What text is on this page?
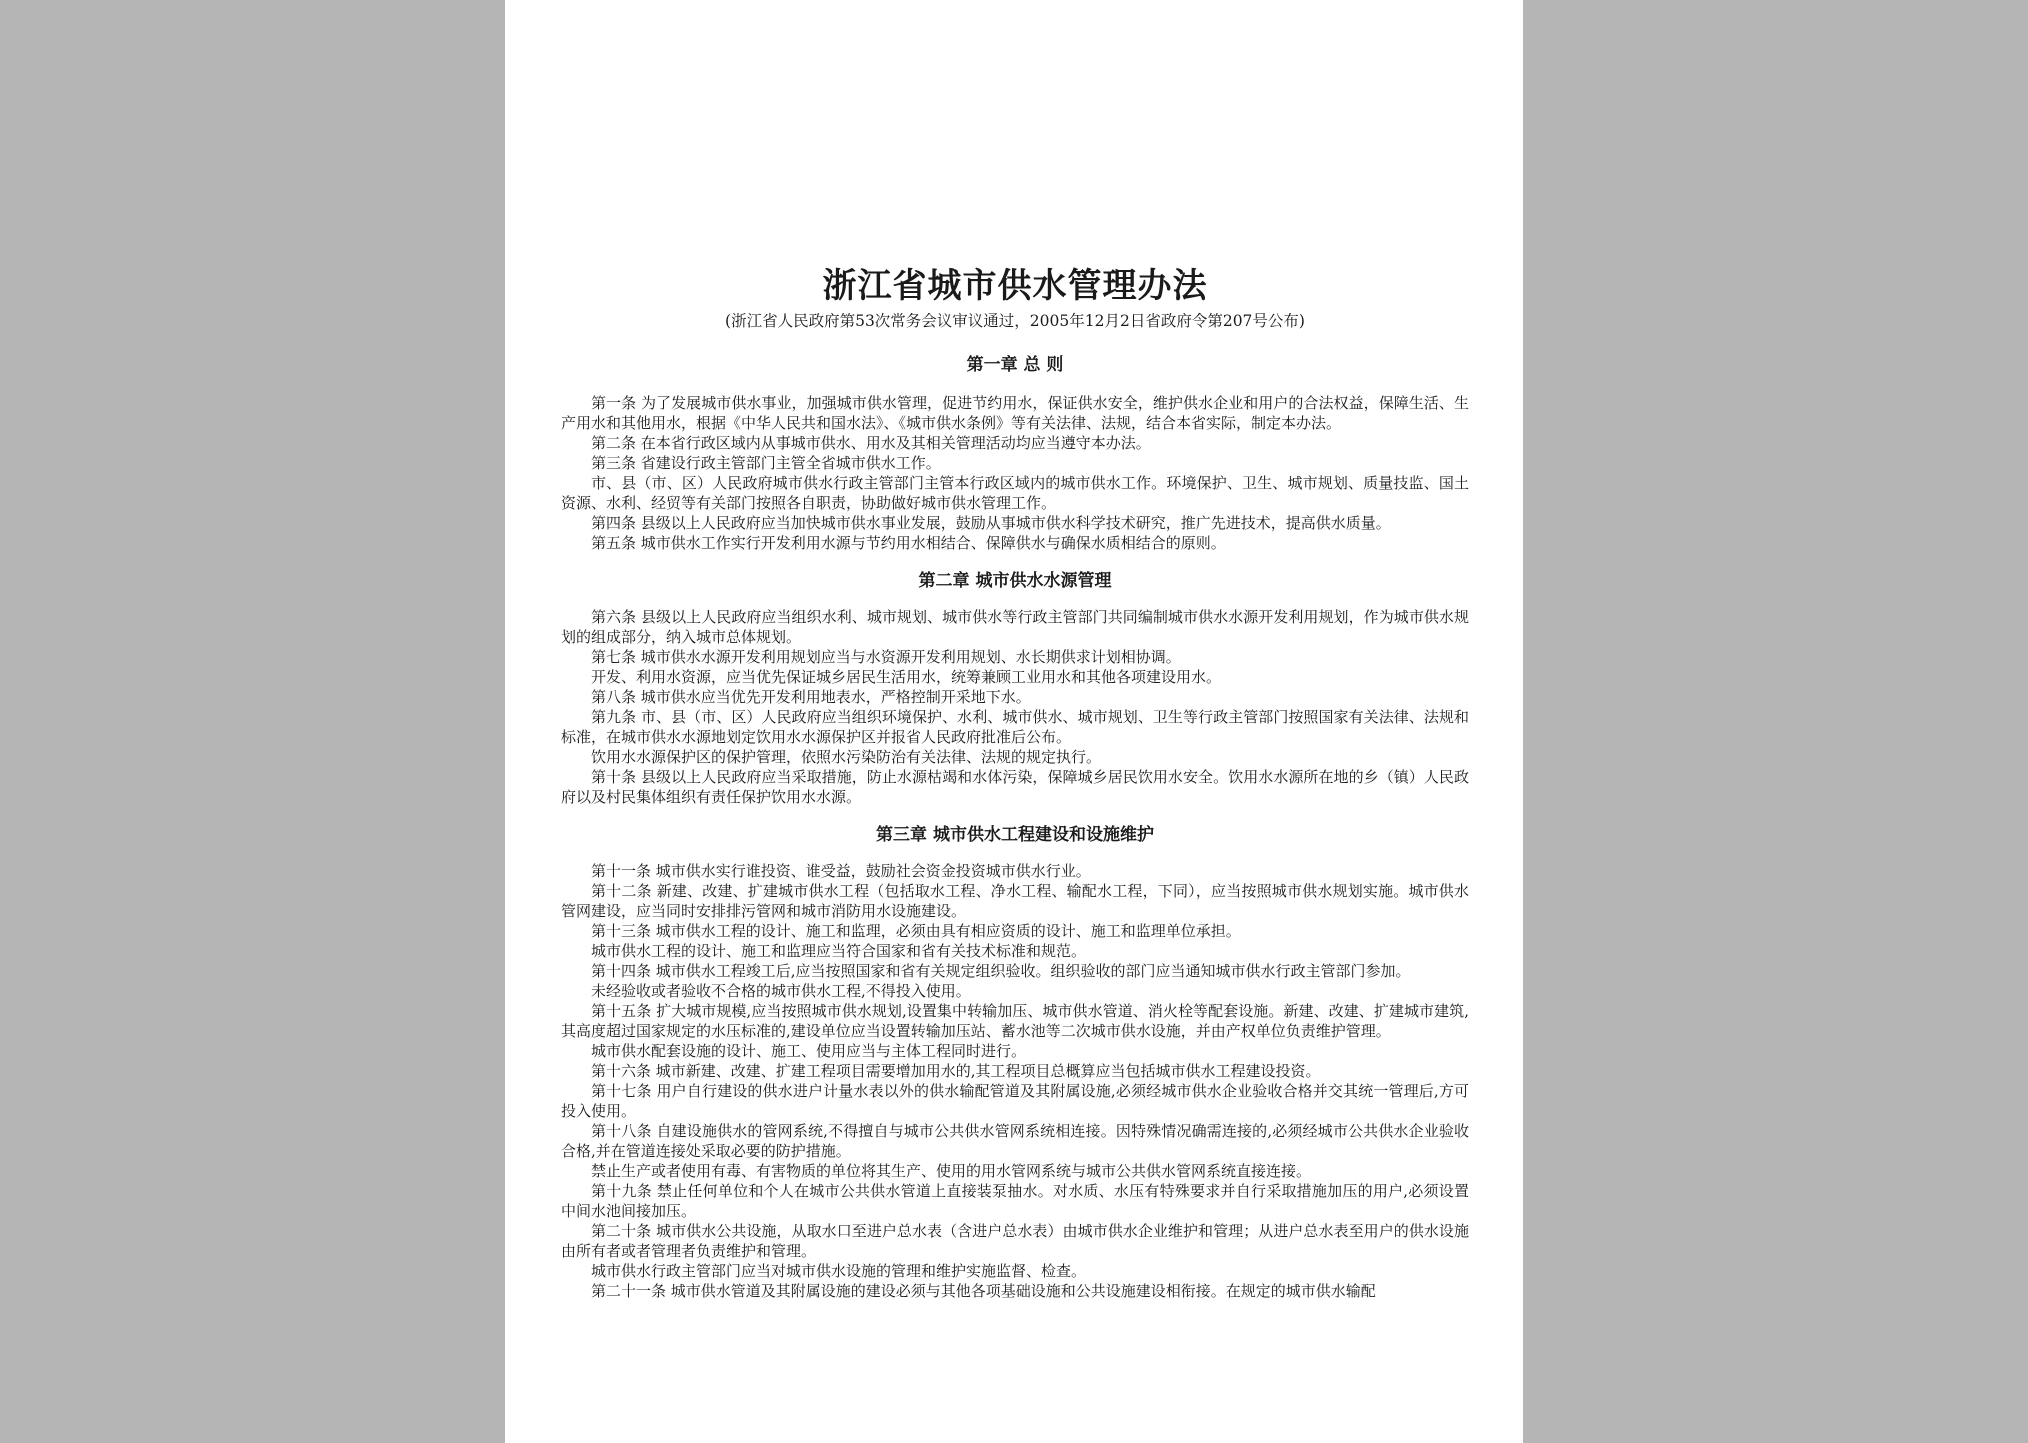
浙江省城市供水管理办法

(浙江省人民政府第53次常务会议审议通过，2005年12月2日省政府令第207号公布)

第一章 总 则

第一条 为了发展城市供水事业，加强城市供水管理，促进节约用水，保证供水安全，维护供水企业和用户的合法权益，保障生活、生产用水和其他用水，根据《中华人民共和国水法》、《城市供水条例》等有关法律、法规，结合本省实际，制定本办法。

第二条 在本省行政区域内从事城市供水、用水及其相关管理活动均应当遵守本办法。

第三条 省建设行政主管部门主管全省城市供水工作。

市、县（市、区）人民政府城市供水行政主管部门主管本行政区域内的城市供水工作。环境保护、卫生、城市规划、质量技监、国土资源、水利、经贸等有关部门按照各自职责，协助做好城市供水管理工作。

第四条 县级以上人民政府应当加快城市供水事业发展，鼓励从事城市供水科学技术研究，推广先进技术，提高供水质量。

第五条 城市供水工作实行开发利用水源与节约用水相结合、保障供水与确保水质相结合的原则。

第二章 城市供水水源管理

第六条 县级以上人民政府应当组织水利、城市规划、城市供水等行政主管部门共同编制城市供水水源开发利用规划，作为城市供水规划的组成部分，纳入城市总体规划。

第七条 城市供水水源开发利用规划应当与水资源开发利用规划、水长期供求计划相协调。

开发、利用水资源，应当优先保证城乡居民生活用水，统筹兼顾工业用水和其他各项建设用水。

第八条 城市供水应当优先开发利用地表水，严格控制开采地下水。

第九条 市、县（市、区）人民政府应当组织环境保护、水利、城市供水、城市规划、卫生等行政主管部门按照国家有关法律、法规和标准，在城市供水水源地划定饮用水水源保护区并报省人民政府批准后公布。

饮用水水源保护区的保护管理，依照水污染防治有关法律、法规的规定执行。

第十条 县级以上人民政府应当采取措施，防止水源枯竭和水体污染，保障城乡居民饮用水安全。饮用水水源所在地的乡（镇）人民政府以及村民集体组织有责任保护饮用水水源。

第三章 城市供水工程建设和设施维护

第十一条 城市供水实行谁投资、谁受益，鼓励社会资金投资城市供水行业。

第十二条 新建、改建、扩建城市供水工程（包括取水工程、净水工程、输配水工程，下同），应当按照城市供水规划实施。城市供水管网建设，应当同时安排排污管网和城市消防用水设施建设。

第十三条 城市供水工程的设计、施工和监理，必须由具有相应资质的设计、施工和监理单位承担。

城市供水工程的设计、施工和监理应当符合国家和省有关技术标准和规范。

第十四条 城市供水工程竣工后,应当按照国家和省有关规定组织验收。组织验收的部门应当通知城市供水行政主管部门参加。

未经验收或者验收不合格的城市供水工程,不得投入使用。

第十五条 扩大城市规模,应当按照城市供水规划,设置集中转输加压、城市供水管道、消火栓等配套设施。新建、改建、扩建城市建筑,其高度超过国家规定的水压标准的,建设单位应当设置转输加压站、蓄水池等二次城市供水设施，并由产权单位负责维护管理。

城市供水配套设施的设计、施工、使用应当与主体工程同时进行。

第十六条 城市新建、改建、扩建工程项目需要增加用水的,其工程项目总概算应当包括城市供水工程建设投资。

第十七条 用户自行建设的供水进户计量水表以外的供水输配管道及其附属设施,必须经城市供水企业验收合格并交其统一管理后,方可投入使用。

第十八条 自建设施供水的管网系统,不得擅自与城市公共供水管网系统相连接。因特殊情况确需连接的,必须经城市公共供水企业验收合格,并在管道连接处采取必要的防护措施。

禁止生产或者使用有毒、有害物质的单位将其生产、使用的用水管网系统与城市公共供水管网系统直接连接。

第十九条 禁止任何单位和个人在城市公共供水管道上直接装泵抽水。对水质、水压有特殊要求并自行采取措施加压的用户,必须设置中间水池间接加压。

第二十条 城市供水公共设施，从取水口至进户总水表（含进户总水表）由城市供水企业维护和管理；从进户总水表至用户的供水设施由所有者或者管理者负责维护和管理。

城市供水行政主管部门应当对城市供水设施的管理和维护实施监督、检查。

第二十一条 城市供水管道及其附属设施的建设必须与其他各项基础设施和公共设施建设相衔接。在规定的城市供水输配
